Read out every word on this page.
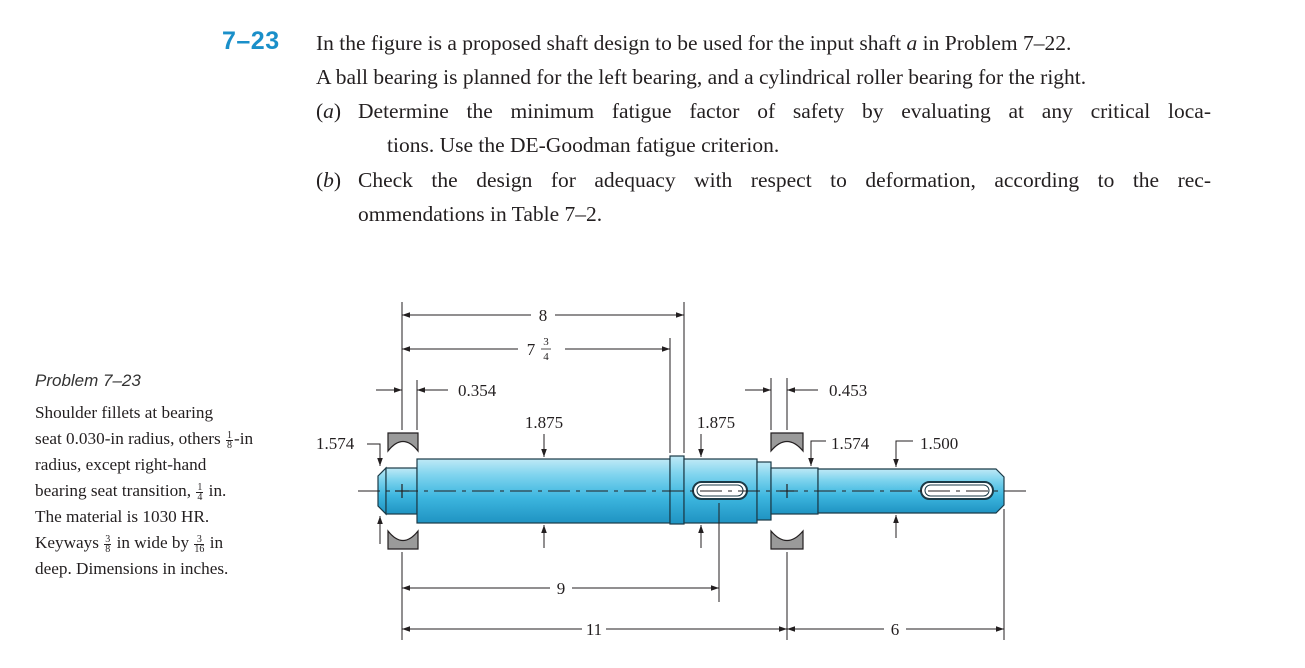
7–23 In the figure is a proposed shaft design to be used for the input shaft a in Problem 7–22.
A ball bearing is planned for the left bearing, and a cylindrical roller bearing for the right.
(a) Determine the minimum fatigue factor of safety by evaluating at any critical loca-
tions. Use the DE-Goodman fatigue criterion.
(b) Check the design for adequacy with respect to deformation, according to the rec-
ommendations in Table 7–2.
Problem 7–23
Shoulder fillets at bearing
seat 0.030-in radius, others $\frac{1}{8} -in$
radius, except right-hand
bearing seat transition, $\frac{1}{4}$ in.
The material is 1030 HR.
Keyways $\frac{3}{8}$ in wide by $\frac{3}{16}$ in
deep. Dimensions in inches.
8
7 3
4
0.354	0.453
1.574
1.875	1.875
1.574	1.500
9
11	6
